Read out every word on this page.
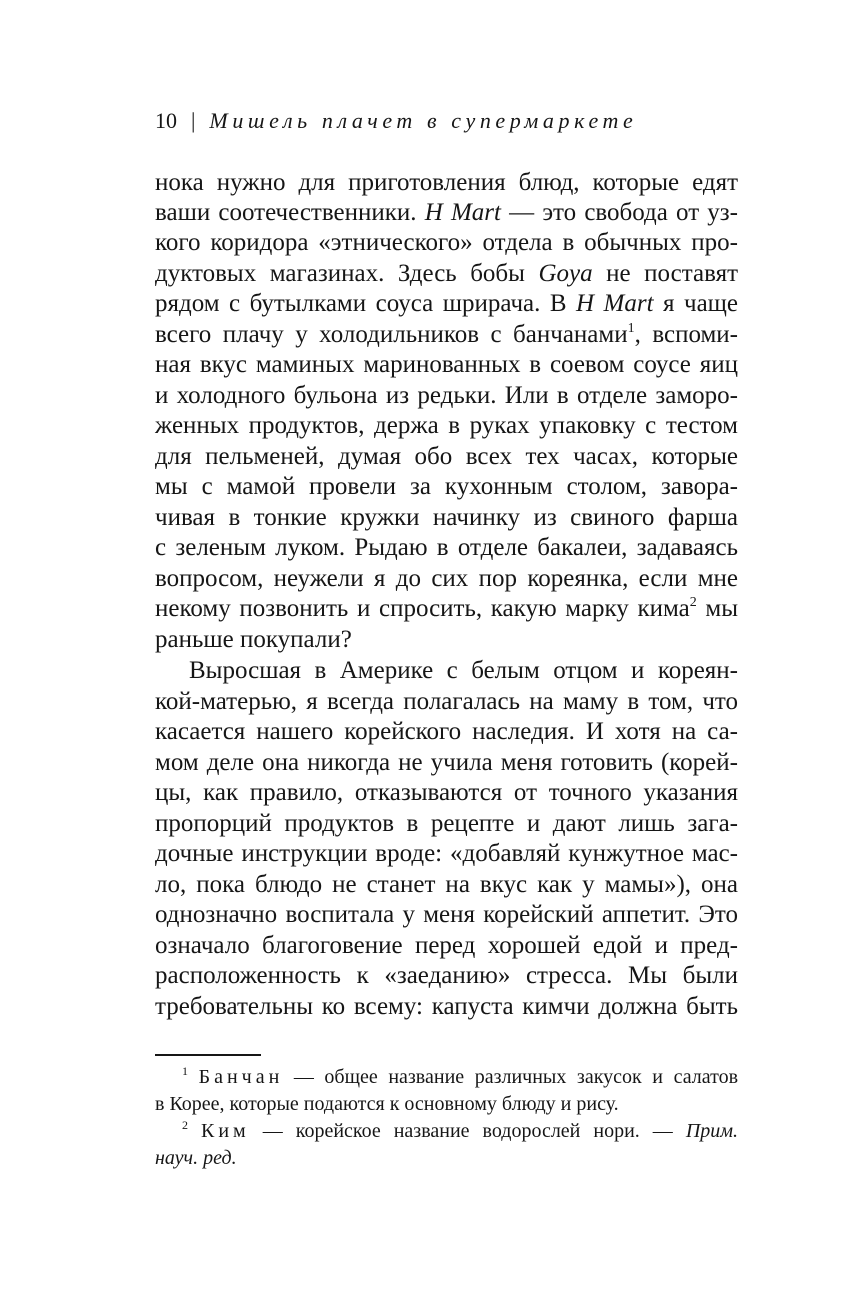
10 | Мишель плачет в супермаркете
нока нужно для приготовления блюд, которые едят
ваши соотечественники. H Mart — это свобода от уз-
кого коридора «этнического» отдела в обычных про-
дуктовых магазинах. Здесь бобы Goya не поставят
рядом с бутылками соуса шрирача. В H Mart я чаще
всего плачу у холодильников с банчанами$^1$, вспоми-
ная вкус маминых маринованных в соевом соусе яиц
и холодного бульона из редьки. Или в отделе заморо-
женных продуктов, держа в руках упаковку с тестом
для пельменей, думая обо всех тех часах, которые
мы с мамой провели за кухонным столом, завора-
чивая в тонкие кружки начинку из свиного фарша
с зеленым луком. Рыдаю в отделе бакалеи, задаваясь
вопросом, неужели я до сих пор кореянка, если мне
некому позвонить и спросить, какую марку кима$^2$ мы
раньше покупали?
Выросшая в Америке с белым отцом и кореян-
кой-матерью, я всегда полагалась на маму в том, что
касается нашего корейского наследия. И хотя на са-
мом деле она никогда не учила меня готовить (корей-
цы, как правило, отказываются от точного указания
пропорций продуктов в рецепте и дают лишь зага-
дочные инструкции вроде: «добавляй кунжутное мас-
ло, пока блюдо не станет на вкус как у мамы»), она
однозначно воспитала у меня корейский аппетит. Это
означало благоговение перед хорошей едой и пред-
расположенность к «заеданию» стресса. Мы были
требовательны ко всему: капуста кимчи должна быть
$^1$ Банчан — общее название различных закусок и салатов
в Корее, которые подаются к основному блюду и рису.
$^2$ Ким — корейское название водорослей нори. — Прим.
науч. ред.
